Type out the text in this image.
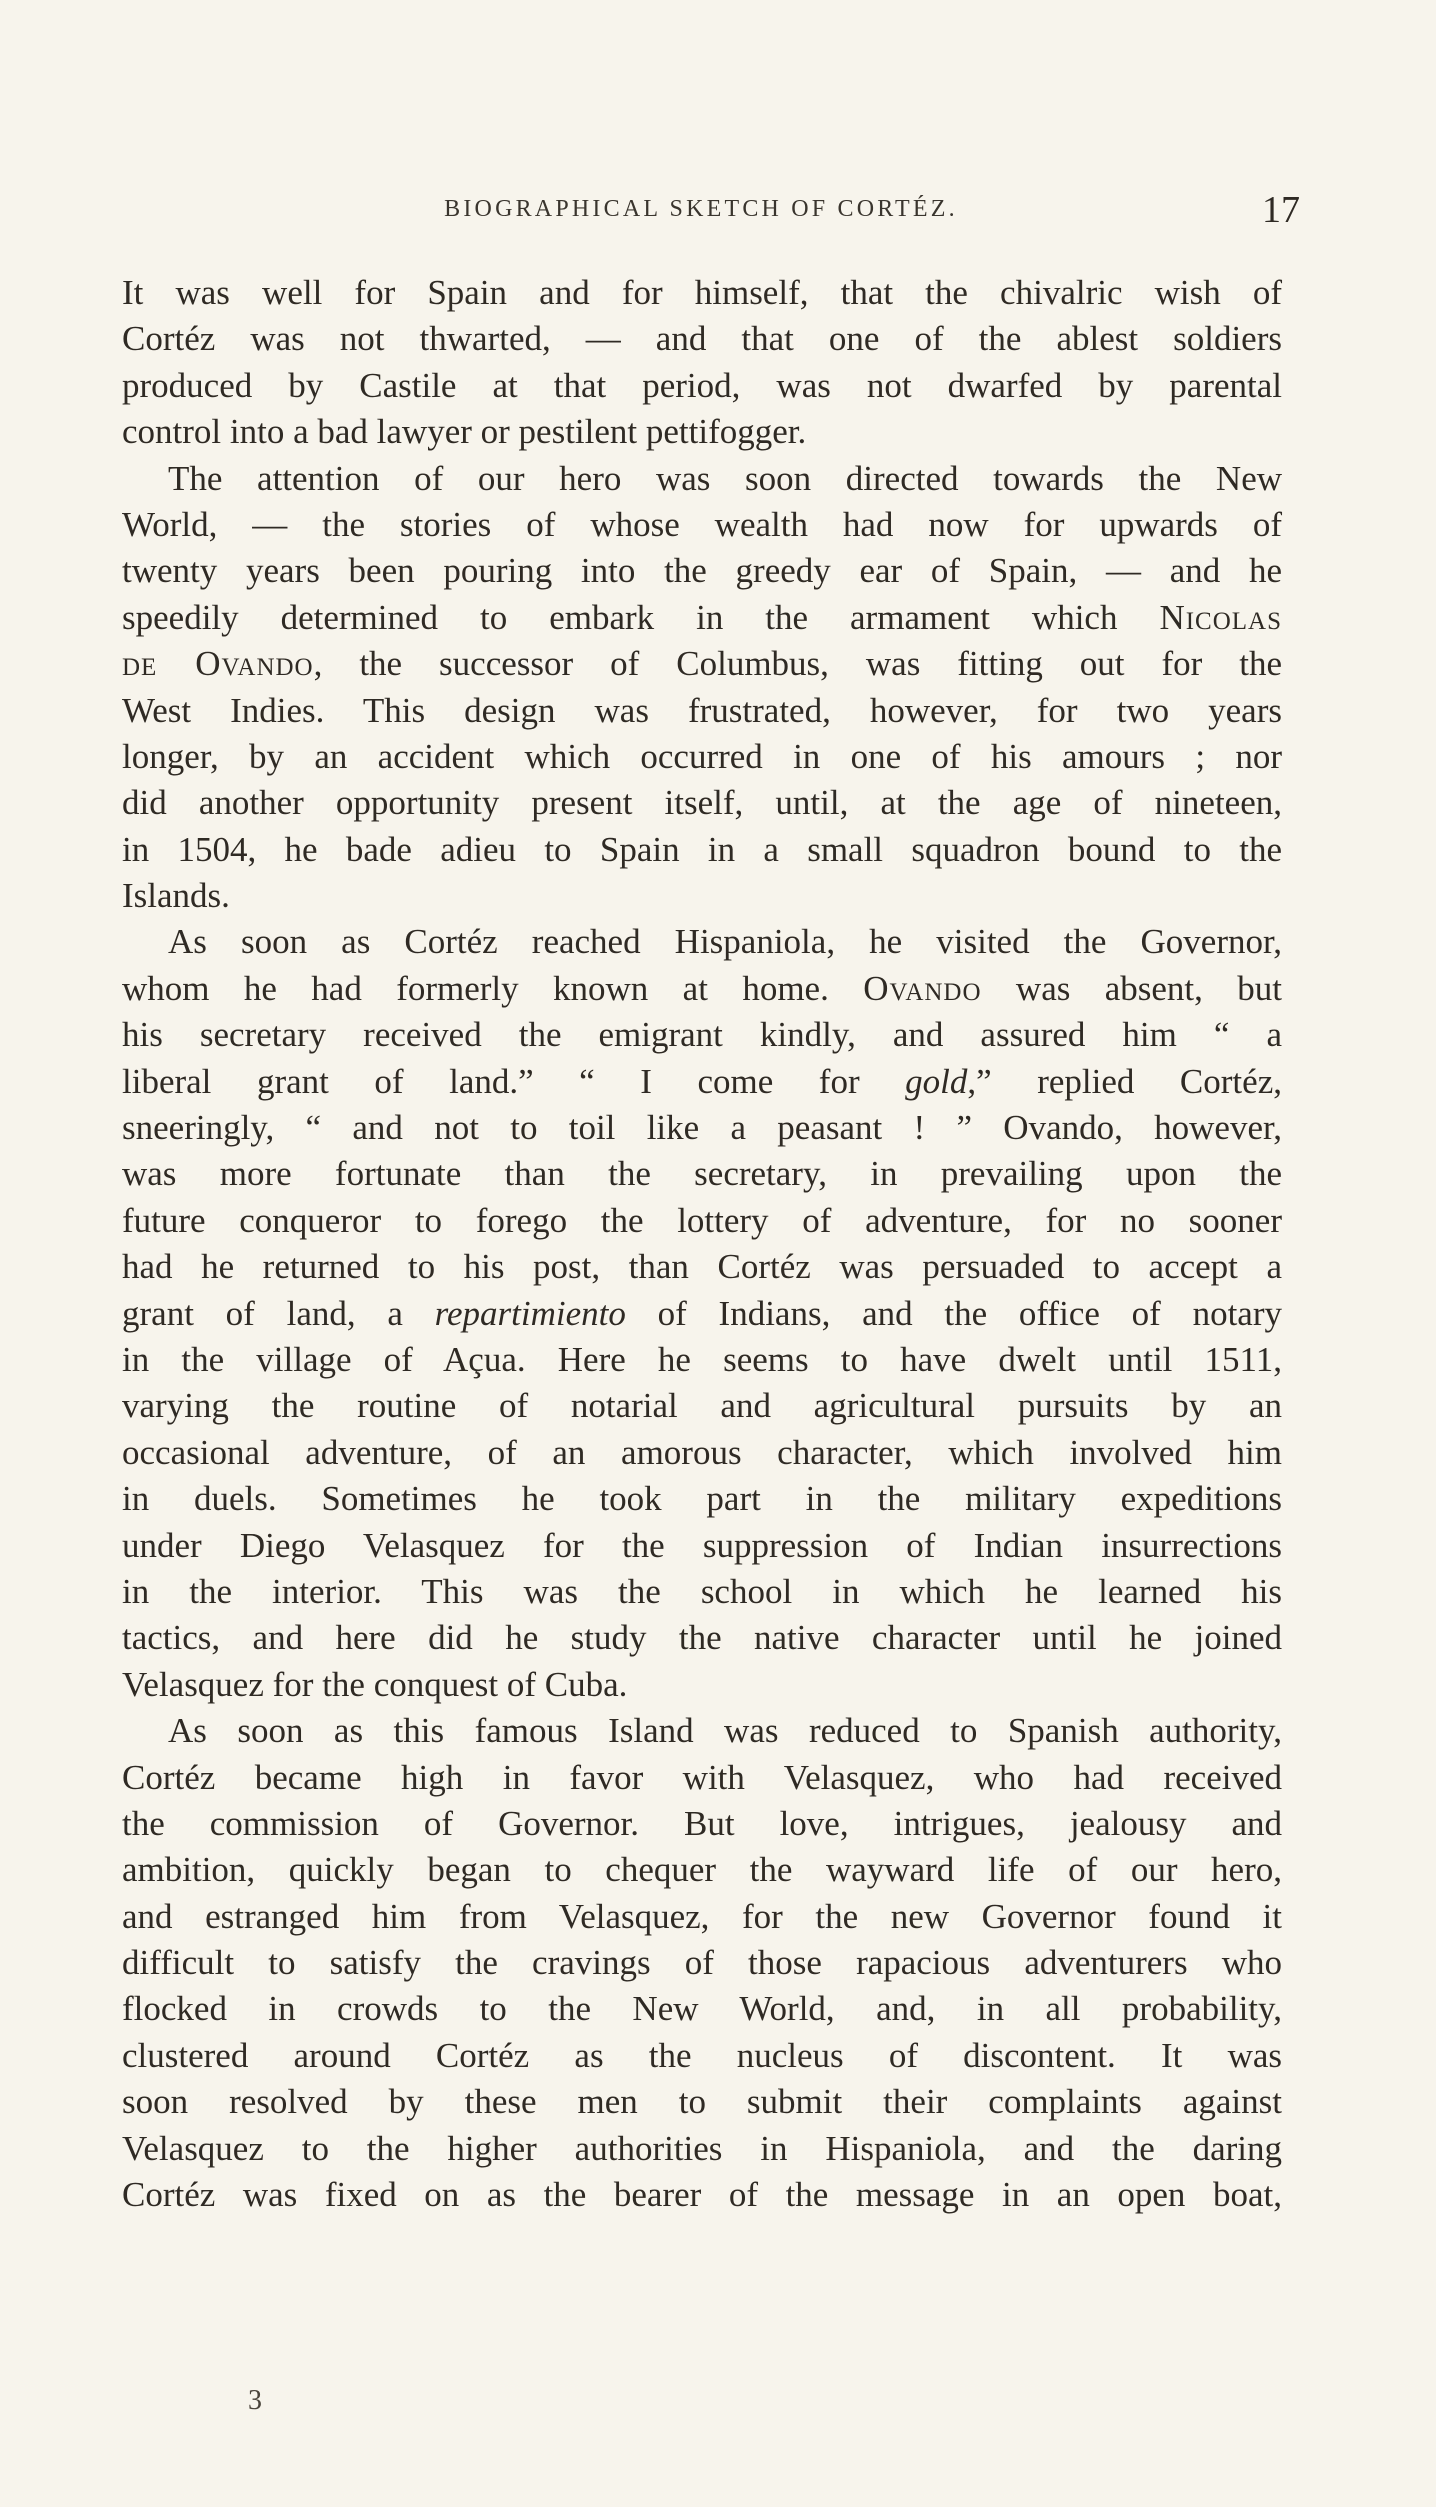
BIOGRAPHICAL SKETCH OF CORTÉZ.	17
It was well for Spain and for himself, that the chivalric wish of
Cortéz was not thwarted, — and that one of the ablest soldiers
produced by Castile at that period, was not dwarfed by parental
control into a bad lawyer or pestilent pettifogger.
The attention of our hero was soon directed towards the New
World, — the stories of whose wealth had now for upwards of
twenty years been pouring into the greedy ear of Spain, — and he
speedily determined to embark in the armament which Nicolas
de Ovando, the successor of Columbus, was fitting out for the
West Indies. This design was frustrated, however, for two years
longer, by an accident which occurred in one of his amours ; nor
did another opportunity present itself, until, at the age of nineteen,
in 1504, he bade adieu to Spain in a small squadron bound to the
Islands.
As soon as Cortéz reached Hispaniola, he visited the Governor,
whom he had formerly known at home. Ovando was absent, but
his secretary received the emigrant kindly, and assured him “ a
liberal grant of land.” “ I come for gold,” replied Cortéz,
sneeringly, “ and not to toil like a peasant ! ” Ovando, however,
was more fortunate than the secretary, in prevailing upon the
future conqueror to forego the lottery of adventure, for no sooner
had he returned to his post, than Cortéz was persuaded to accept a
grant of land, a repartimiento of Indians, and the office of notary
in the village of Açua. Here he seems to have dwelt until 1511,
varying the routine of notarial and agricultural pursuits by an
occasional adventure, of an amorous character, which involved him
in duels. Sometimes he took part in the military expeditions
under Diego Velasquez for the suppression of Indian insurrections
in the interior. This was the school in which he learned his
tactics, and here did he study the native character until he joined
Velasquez for the conquest of Cuba.
As soon as this famous Island was reduced to Spanish authority,
Cortéz became high in favor with Velasquez, who had received
the commission of Governor. But love, intrigues, jealousy and
ambition, quickly began to chequer the wayward life of our hero,
and estranged him from Velasquez, for the new Governor found it
difficult to satisfy the cravings of those rapacious adventurers who
flocked in crowds to the New World, and, in all probability,
clustered around Cortéz as the nucleus of discontent. It was
soon resolved by these men to submit their complaints against
Velasquez to the higher authorities in Hispaniola, and the daring
Cortéz was fixed on as the bearer of the message in an open boat,
3
